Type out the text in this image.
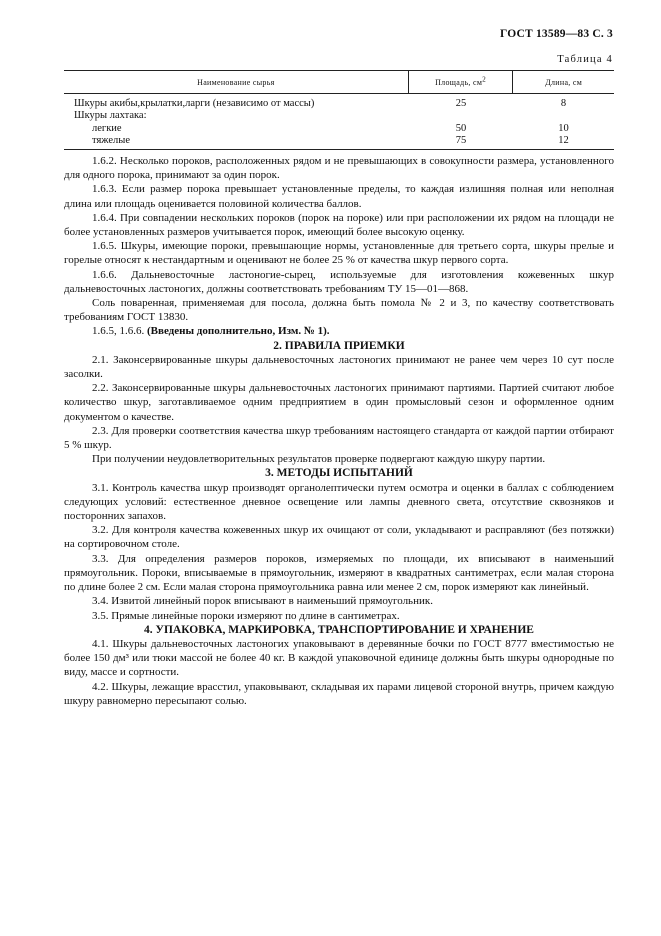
ГОСТ 13589—83 С. 3
Таблица 4
Наименование сырья	Площадь, $см^2$	Длина, см
Шкуры акибы,крылатки,ларги (независимо от массы)	25	8
Шкуры лахтака:
легкие	50	10
тяжелые	75	12

1.6.2. Несколько пороков, расположенных рядом и не превышающих в совокупности размера, установленного для одного порока, принимают за один порок.

1.6.3. Если размер порока превышает установленные пределы, то каждая излишняя полная или неполная длина или площадь оценивается половиной количества баллов.

1.6.4. При совпадении нескольких пороков (порок на пороке) или при расположении их рядом на площади не более установленных размеров учитывается порок, имеющий более высокую оценку.

1.6.5. Шкуры, имеющие пороки, превышающие нормы, установленные для третьего сорта, шкуры прелые и горелые относят к нестандартным и оценивают не более 25 % от качества шкур первого сорта.

1.6.6. Дальневосточные ластоногие-сырец, используемые для изготовления кожевенных шкур дальневосточных ластоногих, должны соответствовать требованиям ТУ 15—01—868.

Соль поваренная, применяемая для посола, должна быть помола № 2 и 3, по качеству соответствовать требованиям ГОСТ 13830.

1.6.5, 1.6.6. (Введены дополнительно, Изм. № 1).

2. ПРАВИЛА ПРИЕМКИ

2.1. Законсервированные шкуры дальневосточных ластоногих принимают не ранее чем через 10 сут после засолки.

2.2. Законсервированные шкуры дальневосточных ластоногих принимают партиями. Партией считают любое количество шкур, заготавливаемое одним предприятием в один промысловый сезон и оформленное одним документом о качестве.

2.3. Для проверки соответствия качества шкур требованиям настоящего стандарта от каждой партии отбирают 5 % шкур.

При получении неудовлетворительных результатов проверке подвергают каждую шкуру партии.

3. МЕТОДЫ ИСПЫТАНИЙ

3.1. Контроль качества шкур производят органолептически путем осмотра и оценки в баллах с соблюдением следующих условий: естественное дневное освещение или лампы дневного света, отсутствие сквозняков и посторонних запахов.

3.2. Для контроля качества кожевенных шкур их очищают от соли, укладывают и расправляют (без потяжки) на сортировочном столе.

3.3. Для определения размеров пороков, измеряемых по площади, их вписывают в наименьший прямоугольник. Пороки, вписываемые в прямоугольник, измеряют в квадратных сантиметрах, если малая сторона по длине более 2 см. Если малая сторона прямоугольника равна или менее 2 см, порок измеряют как линейный.

3.4. Извитой линейный порок вписывают в наименьший прямоугольник.

3.5. Прямые линейные пороки измеряют по длине в сантиметрах.

4. УПАКОВКА, МАРКИРОВКА, ТРАНСПОРТИРОВАНИЕ И ХРАНЕНИЕ

4.1. Шкуры дальневосточных ластоногих упаковывают в деревянные бочки по ГОСТ 8777 вместимостью не более 150 дм³ или тюки массой не более 40 кг. В каждой упаковочной единице должны быть шкуры однородные по виду, массе и сортности.

4.2. Шкуры, лежащие врасстил, упаковывают, складывая их парами лицевой стороной внутрь, причем каждую шкуру равномерно пересыпают солью.
